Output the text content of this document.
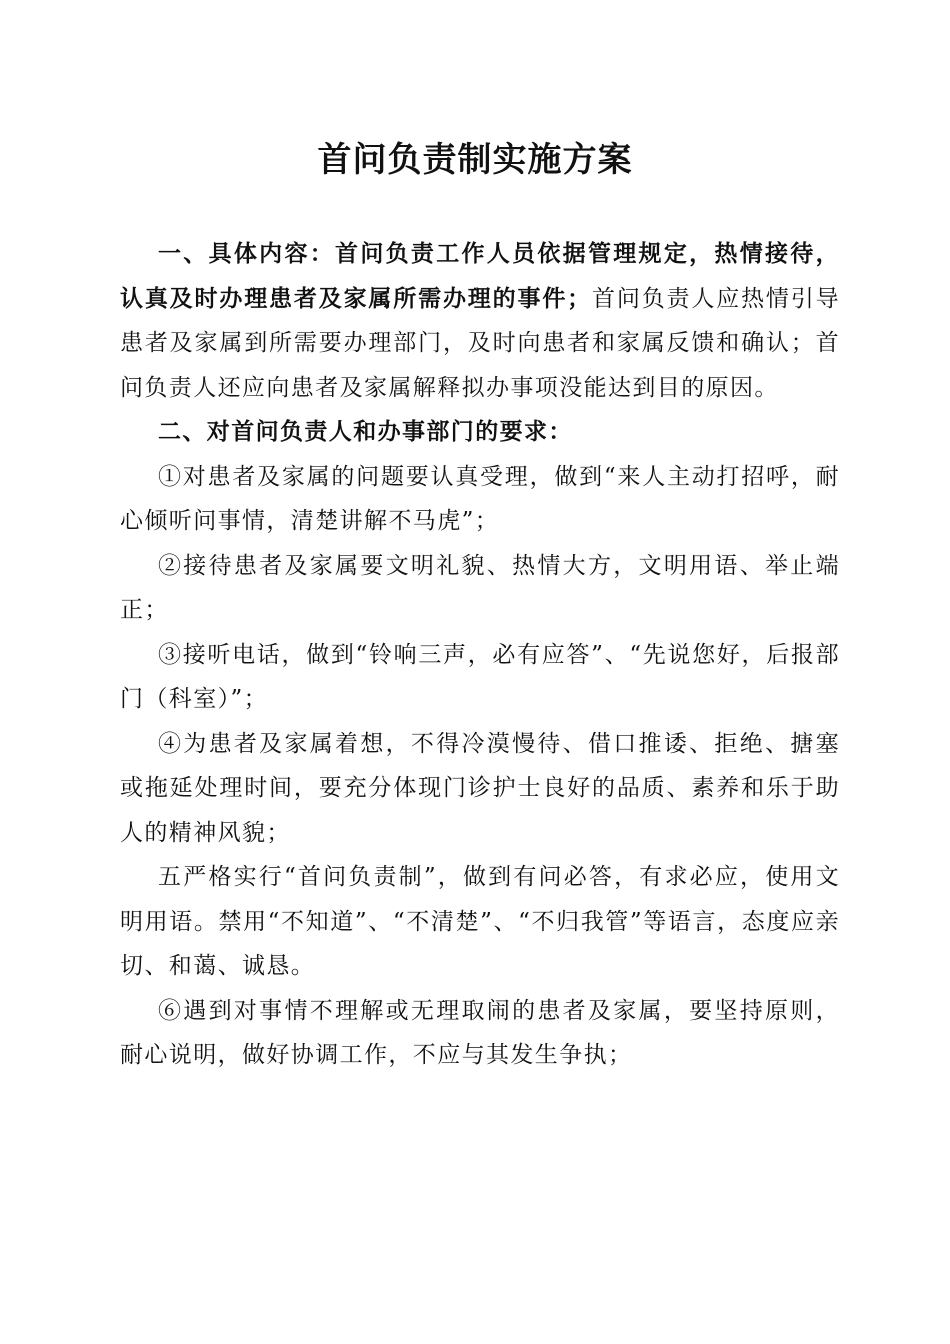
首问负责制实施方案

一、具体内容：首问负责工作人员依据管理规定，热情接待，认真及时办理患者及家属所需办理的事件；首问负责人应热情引导患者及家属到所需要办理部门，及时向患者和家属反馈和确认；首问负责人还应向患者及家属解释拟办事项没能达到目的原因。

二、对首问负责人和办事部门的要求：

①对患者及家属的问题要认真受理，做到“来人主动打招呼，耐心倾听问事情，清楚讲解不马虎”；

②接待患者及家属要文明礼貌、热情大方，文明用语、举止端正；

③接听电话，做到“铃响三声，必有应答”、“先说您好，后报部门（科室）”；

④为患者及家属着想，不得冷漠慢待、借口推诿、拒绝、搪塞或拖延处理时间，要充分体现门诊护士良好的品质、素养和乐于助人的精神风貌；

五严格实行“首问负责制”，做到有问必答，有求必应，使用文明用语。禁用“不知道”、“不清楚”、“不归我管”等语言，态度应亲切、和蔼、诚恳。

⑥遇到对事情不理解或无理取闹的患者及家属，要坚持原则，耐心说明，做好协调工作，不应与其发生争执；
